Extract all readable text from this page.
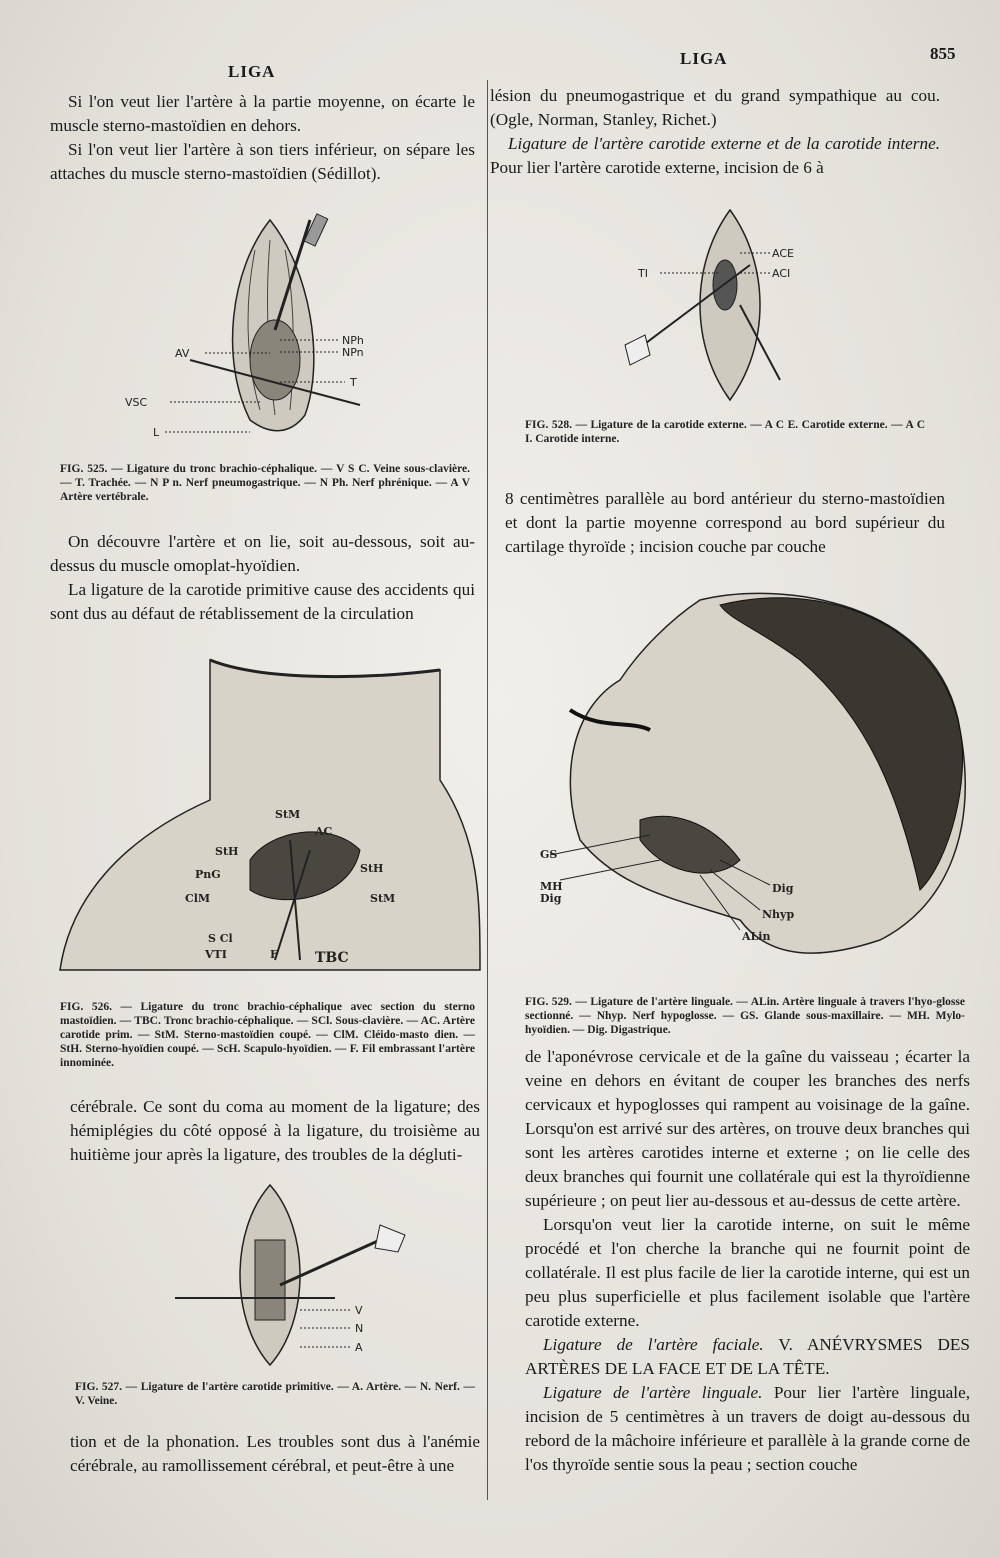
LIGA
LIGA	855

Si l'on veut lier l'artère à la partie moyenne, on écarte le muscle sterno-mastoïdien en dehors.

Si l'on veut lier l'artère à son tiers inférieur, on sépare les attaches du muscle sterno-mastoïdien (Sédillot).

NPh
NPn
T
AV
VSC
L
FIG. 525. — Ligature du tronc brachio-céphalique. — V S C. Veine sous-clavière. — T. Trachée. — N P n. Nerf pneumogastrique. — N Ph. Nerf phrénique. — A V Artère vertébrale.

On découvre l'artère et on lie, soit au-dessous, soit au-dessus du muscle omoplat-hyoïdien.

La ligature de la carotide primitive cause des accidents qui sont dus au défaut de rétablissement de la circulation

StM
AC
StH
PnG
ClM
StH
StM
S Cl
VTI	F	TBC
FIG. 526. — Ligature du tronc brachio-céphalique avec section du sterno mastoïdien. — TBC. Tronc brachio-céphalique. — SCl. Sous-clavière. — AC. Artère carotide prim. — StM. Sterno-mastoïdien coupé. — ClM. Cléido-masto dien. — StH. Sterno-hyoïdien coupé. — ScH. Scapulo-hyoïdien. — F. Fil embrassant l'artère innominée.

cérébrale. Ce sont du coma au moment de la ligature; des hémiplégies du côté opposé à la ligature, du troisième au huitième jour après la ligature, des troubles de la dégluti-

V
N
A
FIG. 527. — Ligature de l'artère carotide primitive. — A. Artère. — N. Nerf. — V. Veine.

tion et de la phonation. Les troubles sont dus à l'anémie cérébrale, au ramollissement cérébral, et peut-être à une

lésion du pneumogastrique et du grand sympathique au cou. (Ogle, Norman, Stanley, Richet.)

Ligature de l'artère carotide externe et de la carotide interne. Pour lier l'artère carotide externe, incision de 6 à

TI
ACE
ACI
FIG. 528. — Ligature de la carotide externe. — A C E. Carotide externe. — A C I. Carotide interne.

8 centimètres parallèle au bord antérieur du sterno-mastoïdien et dont la partie moyenne correspond au bord supérieur du cartilage thyroïde ; incision couche par couche

GS
MH
Dig
Dig
Nhyp
ALin
FIG. 529. — Ligature de l'artère linguale. — ALin. Artère linguale à travers l'hyo-glosse sectionné. — Nhyp. Nerf hypoglosse. — GS. Glande sous-maxillaire. — MH. Mylo-hyoïdien. — Dig. Digastrique.

de l'aponévrose cervicale et de la gaîne du vaisseau ; écarter la veine en dehors en évitant de couper les branches des nerfs cervicaux et hypoglosses qui rampent au voisinage de la gaîne. Lorsqu'on est arrivé sur des artères, on trouve deux branches qui sont les artères carotides interne et externe ; on lie celle des deux branches qui fournit une collatérale qui est la thyroïdienne supérieure ; on peut lier au-dessous et au-dessus de cette artère.

Lorsqu'on veut lier la carotide interne, on suit le même procédé et l'on cherche la branche qui ne fournit point de collatérale. Il est plus facile de lier la carotide interne, qui est un peu plus superficielle et plus facilement isolable que l'artère carotide externe.

Ligature de l'artère faciale. V. ANÉVRYSMES DES ARTÈRES DE LA FACE ET DE LA TÊTE.

Ligature de l'artère linguale. Pour lier l'artère linguale, incision de 5 centimètres à un travers de doigt au-dessous du rebord de la mâchoire inférieure et parallèle à la grande corne de l'os thyroïde sentie sous la peau ; section couche
